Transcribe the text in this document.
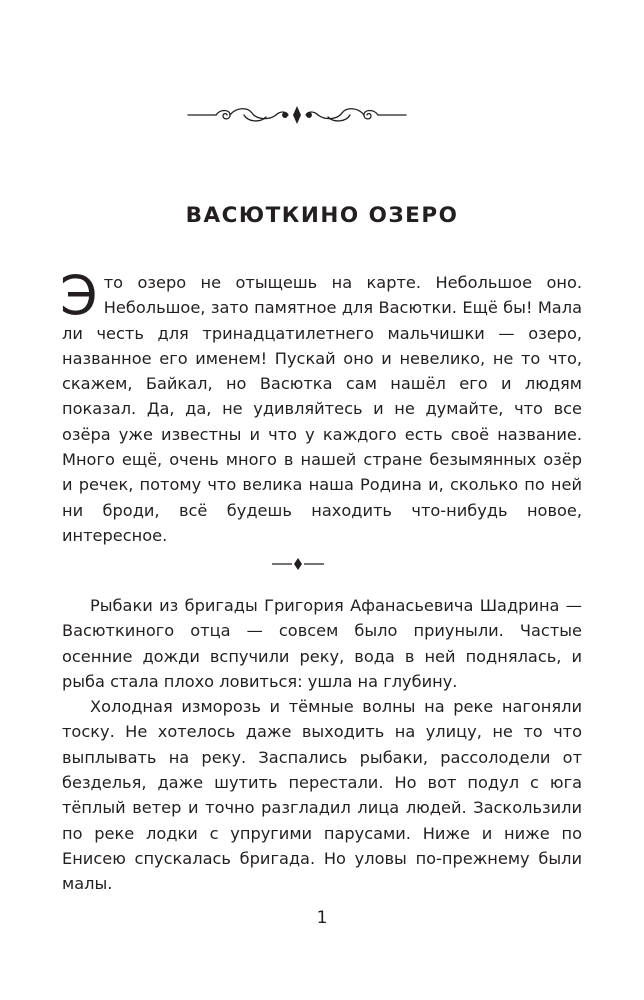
ВАСЮТКИНО ОЗЕРО

Э то озеро не отыщешь на карте. Небольшое оно. Небольшое, зато памятное для Васютки. Ещё бы! Мала ли честь для тринадцатилетнего мальчишки — озеро, названное его именем! Пускай оно и невелико, не то что, скажем, Байкал, но Васютка сам нашёл его и людям показал. Да, да, не удивляйтесь и не думайте, что все озёра уже известны и что у каждого есть своё название. Много ещё, очень много в нашей стране безымянных озёр и речек, потому что велика наша Родина и, сколько по ней ни броди, всё будешь находить что-нибудь новое, интересное.

Рыбаки из бригады Григория Афанасьевича Шадрина — Васюткиного отца — совсем было приуныли. Частые осенние дожди вспучили реку, вода в ней поднялась, и рыба стала плохо ловиться: ушла на глубину.

Холодная изморозь и тёмные волны на реке нагоняли тоску. Не хотелось даже выходить на улицу, не то что выплывать на реку. Заспались рыбаки, рассолодели от безделья, даже шутить перестали. Но вот подул с юга тёплый ветер и точно разгладил лица людей. Заскользили по реке лодки с упругими парусами. Ниже и ниже по Енисею спускалась бригада. Но уловы по-прежнему были малы.

1
